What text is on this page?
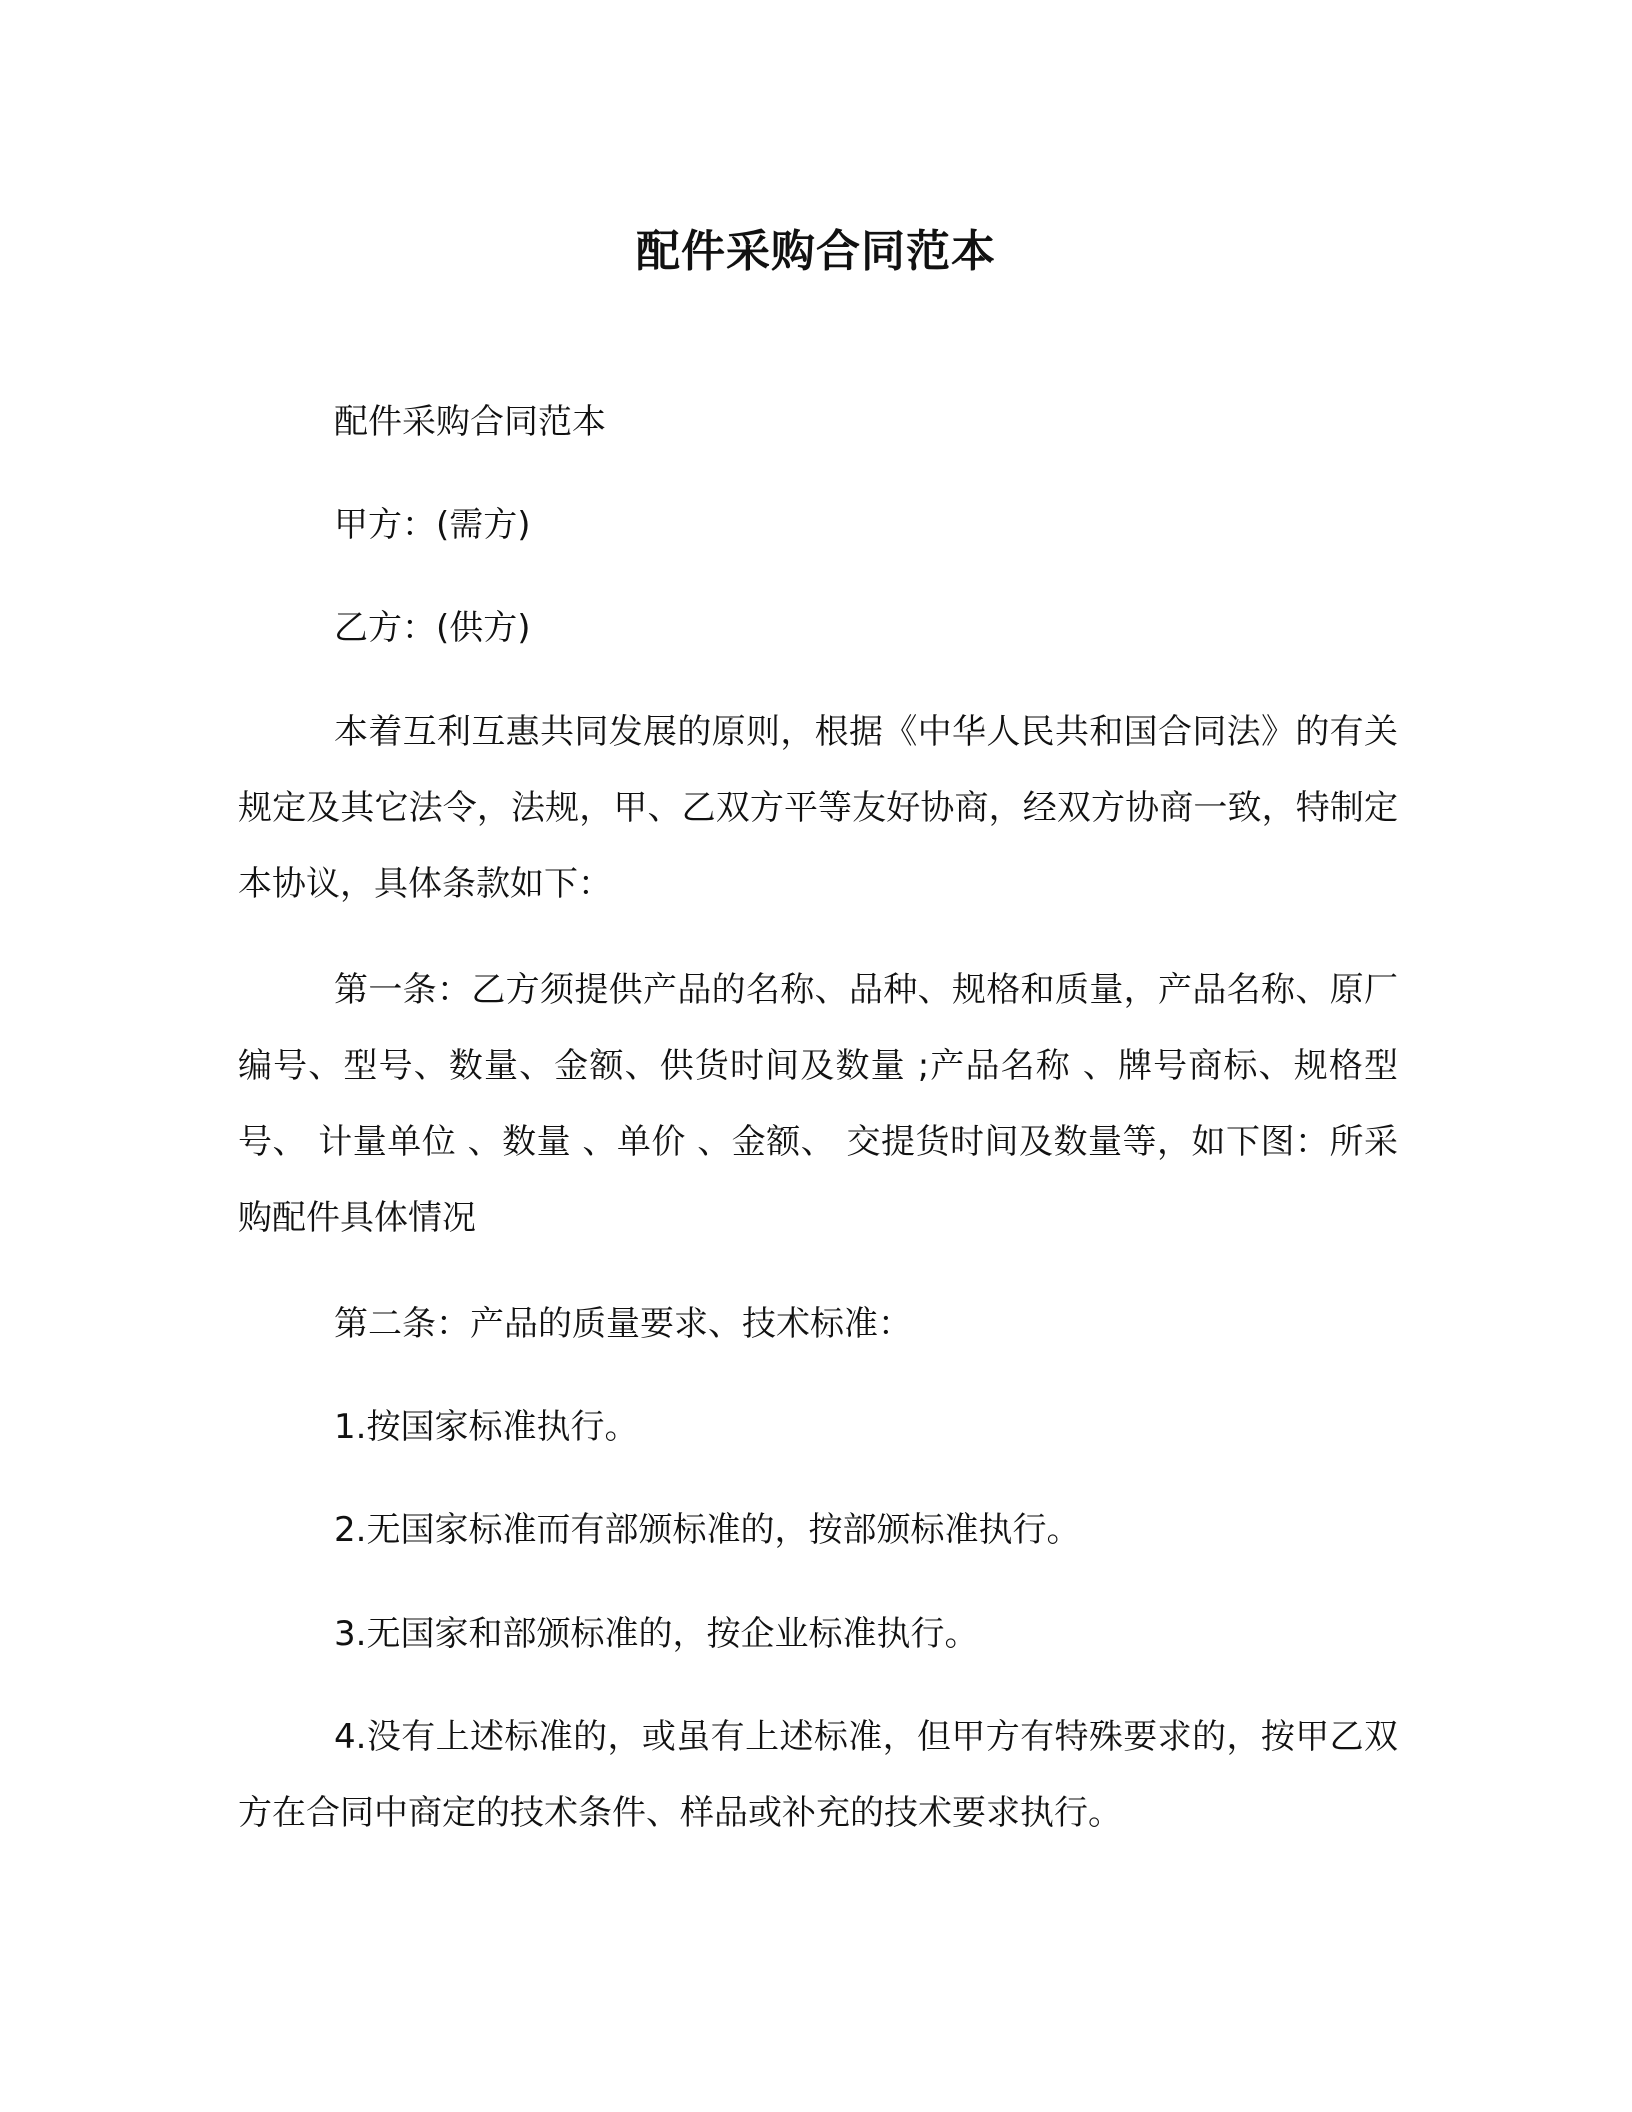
配件采购合同范本

配件采购合同范本

甲方：(需方)

乙方：(供方)

本着互利互惠共同发展的原则，根据《中华人民共和国合同法》的有关规定及其它法令，法规，甲、乙双方平等友好协商，经双方协商一致，特制定本协议，具体条款如下：

第一条：乙方须提供产品的名称、品种、规格和质量，产品名称、原厂编号、型号、数量、金额、供货时间及数量 ;产品名称 、牌号商标、规格型号、 计量单位 、数量 、单价 、金额、 交提货时间及数量等，如下图：所采购配件具体情况

第二条：产品的质量要求、技术标准：

1.按国家标准执行。

2.无国家标准而有部颁标准的，按部颁标准执行。

3.无国家和部颁标准的，按企业标准执行。

4.没有上述标准的，或虽有上述标准，但甲方有特殊要求的，按甲乙双方在合同中商定的技术条件、样品或补充的技术要求执行。
